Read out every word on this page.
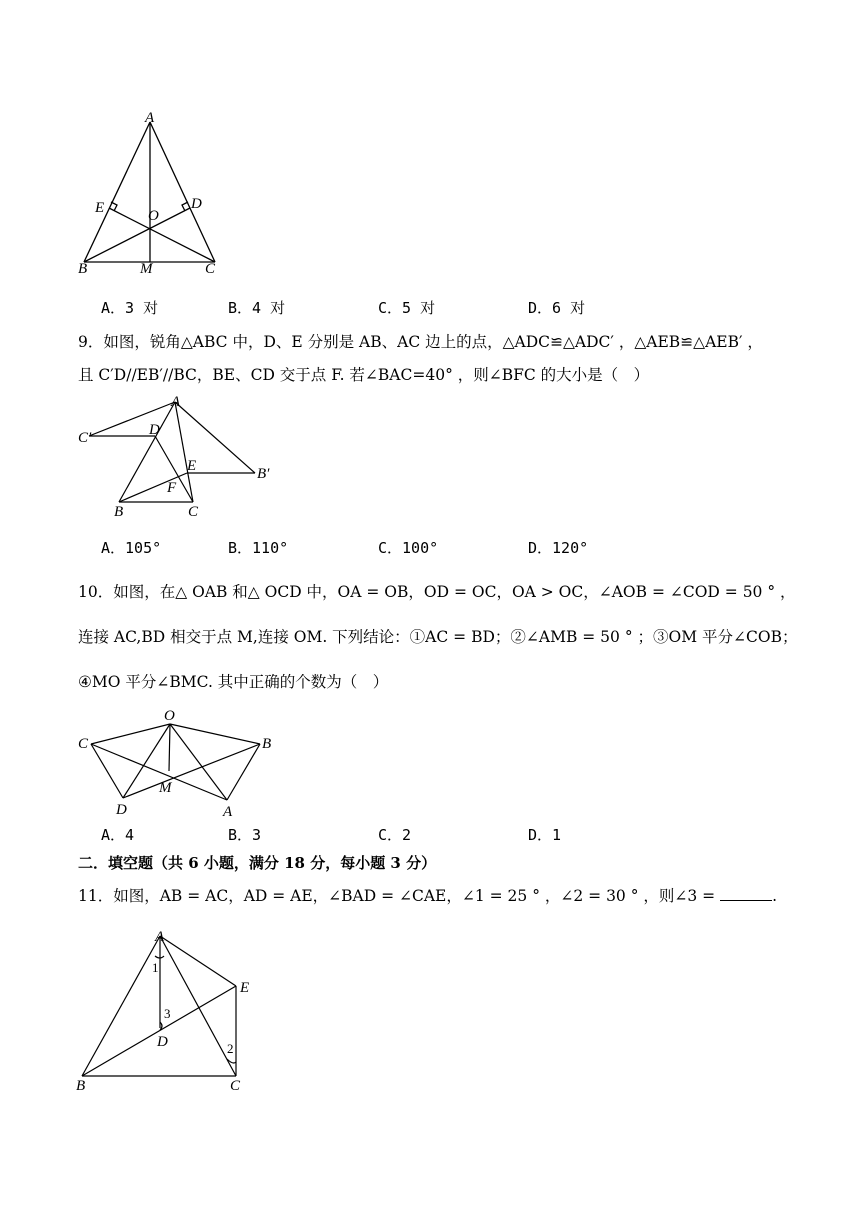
A
E	D
O
B	M	C
A．3 对	B．4 对	C．5 对	D．6 对
9．如图，锐角△ABC 中，D、E 分别是 AB、AC 边上的点，△ADC≌△ADC′ ，△AEB≌△AEB′ ，
且 C′D//EB′//BC，BE、CD 交于点 F. 若∠BAC=40° ，则∠BFC 的大小是（　）
A
C′	D
E	B′
F
B	C
A．105°	B．110°	C．100°	D．120°
10．如图，在△ OAB 和△ OCD 中，OA = OB，OD = OC，OA > OC，∠AOB = ∠COD = 50 ° ，
连接 AC,BD 相交于点 M,连接 OM. 下列结论：①AC = BD；②∠AMB = 50 ° ；③OM 平分∠COB；
④MO 平分∠BMC. 其中正确的个数为（　）
O
C	B
M
D	A
A．4	B．3	C．2	D．1
二．填空题（共 6 小题，满分 18 分，每小题 3 分）
11．如图，AB = AC，AD = AE，∠BAD = ∠CAE，∠1 = 25 ° ，∠2 = 30 ° ，则∠3 =	.
A
1
E
3
D	2
B	C
